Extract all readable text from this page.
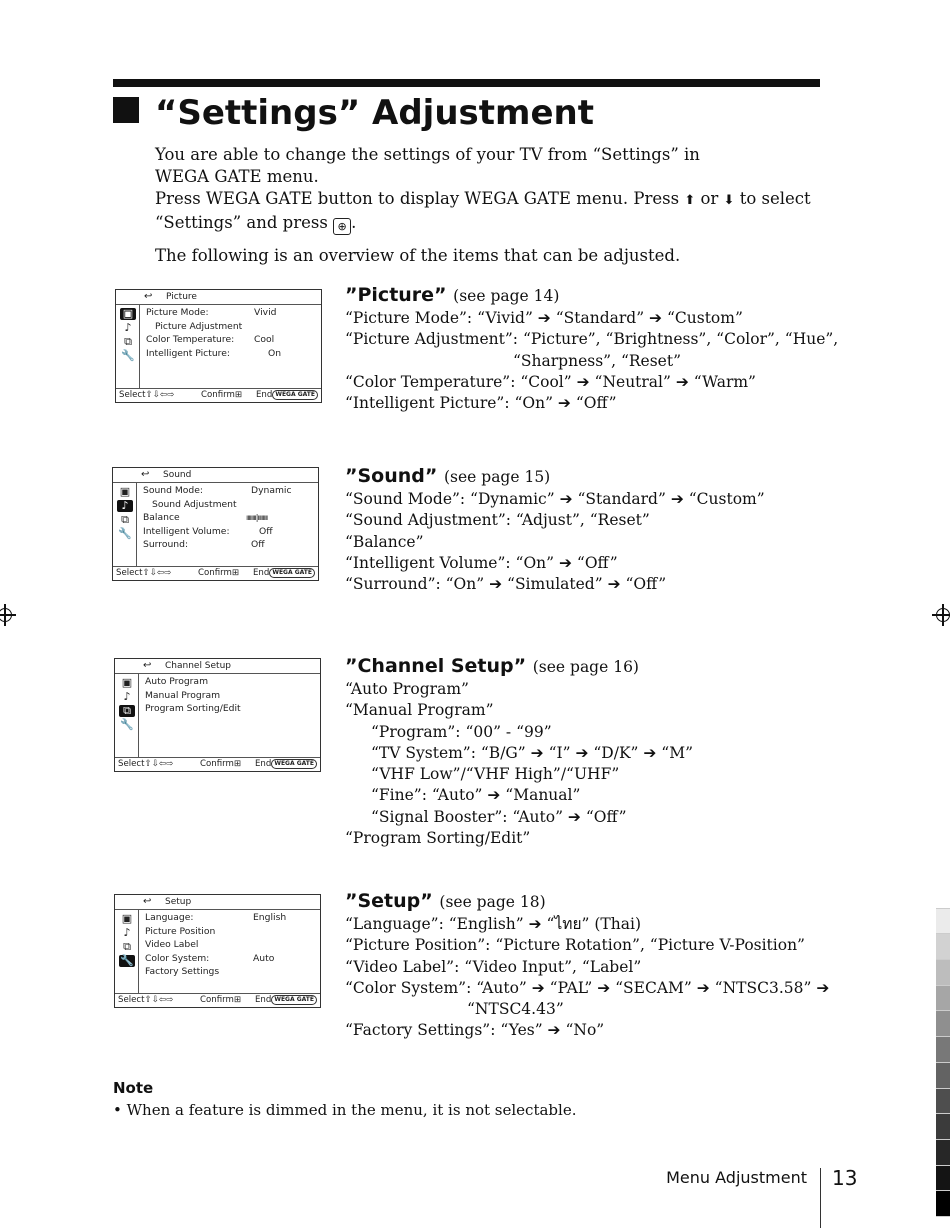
“Settings” Adjustment

You are able to change the settings of your TV from “Settings” in

WEGA GATE menu.

Press WEGA GATE button to display WEGA GATE menu. Press ⬆ or ⬇ to select

“Settings” and press ⊕ .

The following is an overview of the items that can be adjusted.

↩ Picture
▣
♪
⧉
🔧
Picture Mode:	Vivid
Picture Adjustment
Color Temperature: Cool
Intelligent Picture:	On
Select⇧⇩⇦⇨	Confirm⊞ End WEGA GATE
↩ Sound
▣
♪
⧉
🔧
Sound Mode:	Dynamic
Sound Adjustment
Balance	ıııııııı|ıııııııı
Intelligent Volume:	Off
Surround:	Off
Select⇧⇩⇦⇨	Confirm⊞ End WEGA GATE
↩ Channel Setup
▣
♪
⧉
🔧
Auto Program
Manual Program
Program Sorting/Edit
Select⇧⇩⇦⇨	Confirm⊞ End WEGA GATE
↩ Setup
▣
♪
⧉
🔧
Language:	English
Picture Position
Video Label
Color System:	Auto
Factory Settings
Select⇧⇩⇦⇨	Confirm⊞ End WEGA GATE
”Picture” (see page 14)
“Picture Mode”: “Vivid” ➔ “Standard” ➔ “Custom”
“Picture Adjustment”: “Picture”, “Brightness”, “Color”, “Hue”,
“Sharpness”, “Reset”
“Color Temperature”: “Cool” ➔ “Neutral” ➔ “Warm”
“Intelligent Picture”: “On” ➔ “Off”
”Sound” (see page 15)
“Sound Mode”: “Dynamic” ➔ “Standard” ➔ “Custom”
“Sound Adjustment”: “Adjust”, “Reset”
“Balance”
“Intelligent Volume”: “On” ➔ “Off”
“Surround”: “On” ➔ “Simulated” ➔ “Off”
”Channel Setup” (see page 16)
“Auto Program”
“Manual Program”
“Program”: “00” - “99”
“TV System”: “B/G” ➔ “I” ➔ “D/K” ➔ “M”
“VHF Low”/“VHF High”/“UHF”
“Fine”: “Auto” ➔ “Manual”
“Signal Booster”: “Auto” ➔ “Off”
“Program Sorting/Edit”
”Setup” (see page 18)
“Language”: “English” ➔ “ไทย” (Thai)
“Picture Position”: “Picture Rotation”, “Picture V-Position”
“Video Label”: “Video Input”, “Label”
“Color System”: “Auto” ➔ “PAL” ➔ “SECAM” ➔ “NTSC3.58” ➔
“NTSC4.43”
“Factory Settings”: “Yes” ➔ “No”
Note
• When a feature is dimmed in the menu, it is not selectable.
Menu Adjustment 13
